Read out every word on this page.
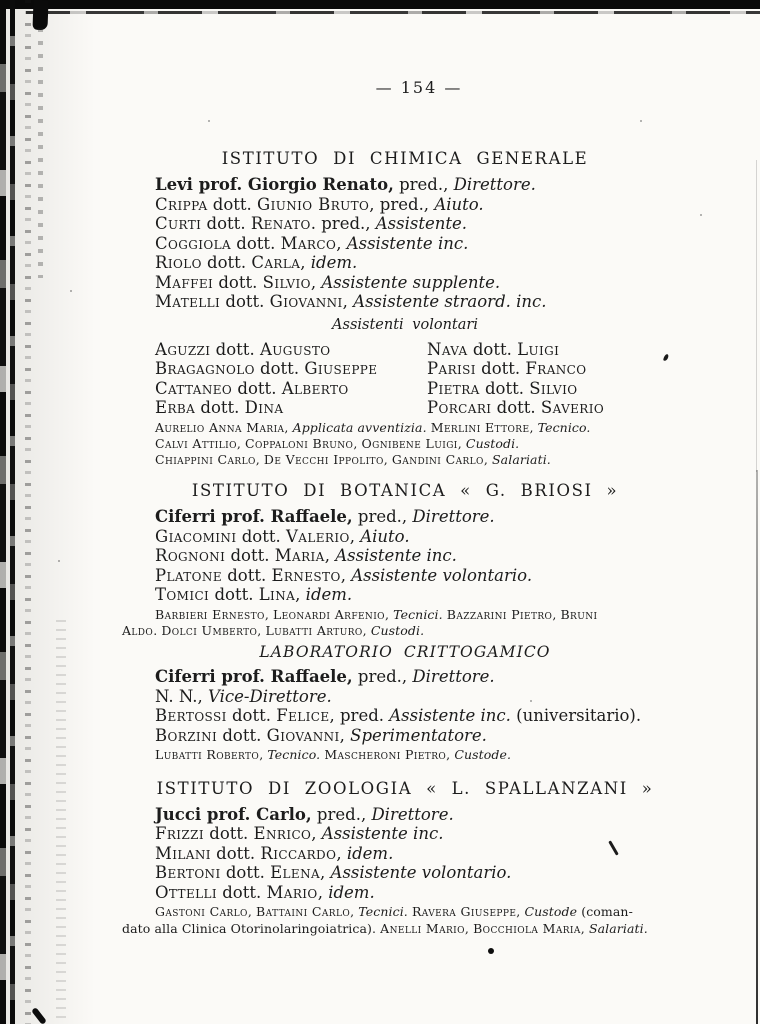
— 154 —
ISTITUTO DI CHIMICA GENERALE
Levi prof. Giorgio Renato, pred., Direttore.
Crippa dott. Giunio Bruto, pred., Aiuto.
Curti dott. Renato. pred., Assistente.
Coggiola dott. Marco, Assistente inc.
Riolo dott. Carla, idem.
Maffei dott. Silvio, Assistente supplente.
Matelli dott. Giovanni, Assistente straord. inc.
Assistenti volontari
Aguzzi dott. Augusto
Bragagnolo dott. Giuseppe
Cattaneo dott. Alberto
Erba dott. Dina
Nava dott. Luigi
Parisi dott. Franco
Pietra dott. Silvio
Porcari dott. Saverio
Aurelio Anna Maria, Applicata avventizia. Merlini Ettore, Tecnico.
Calvi Attilio, Coppaloni Bruno, Ognibene Luigi, Custodi.
Chiappini Carlo, De Vecchi Ippolito, Gandini Carlo, Salariati.
ISTITUTO DI BOTANICA « G. BRIOSI »
Ciferri prof. Raffaele, pred., Direttore.
Giacomini dott. Valerio, Aiuto.
Rognoni dott. Maria, Assistente inc.
Platone dott. Ernesto, Assistente volontario.
Tomici dott. Lina, idem.
Barbieri Ernesto, Leonardi Arfenio, Tecnici. Bazzarini Pietro, Bruni
Aldo. Dolci Umberto, Lubatti Arturo, Custodi.
LABORATORIO CRITTOGAMICO
Ciferri prof. Raffaele, pred., Direttore.
N. N., Vice-Direttore.
Bertossi dott. Felice, pred. Assistente inc. (universitario).
Borzini dott. Giovanni, Sperimentatore.
Lubatti Roberto, Tecnico. Mascheroni Pietro, Custode.
ISTITUTO DI ZOOLOGIA « L. SPALLANZANI »
Jucci prof. Carlo, pred., Direttore.
Frizzi dott. Enrico, Assistente inc.
Milani dott. Riccardo, idem.
Bertoni dott. Elena, Assistente volontario.
Ottelli dott. Mario, idem.
Gastoni Carlo, Battaini Carlo, Tecnici. Ravera Giuseppe, Custode (coman-
dato alla Clinica Otorinolaringoiatrica). Anelli Mario, Bocchiola Maria, Salariati.
